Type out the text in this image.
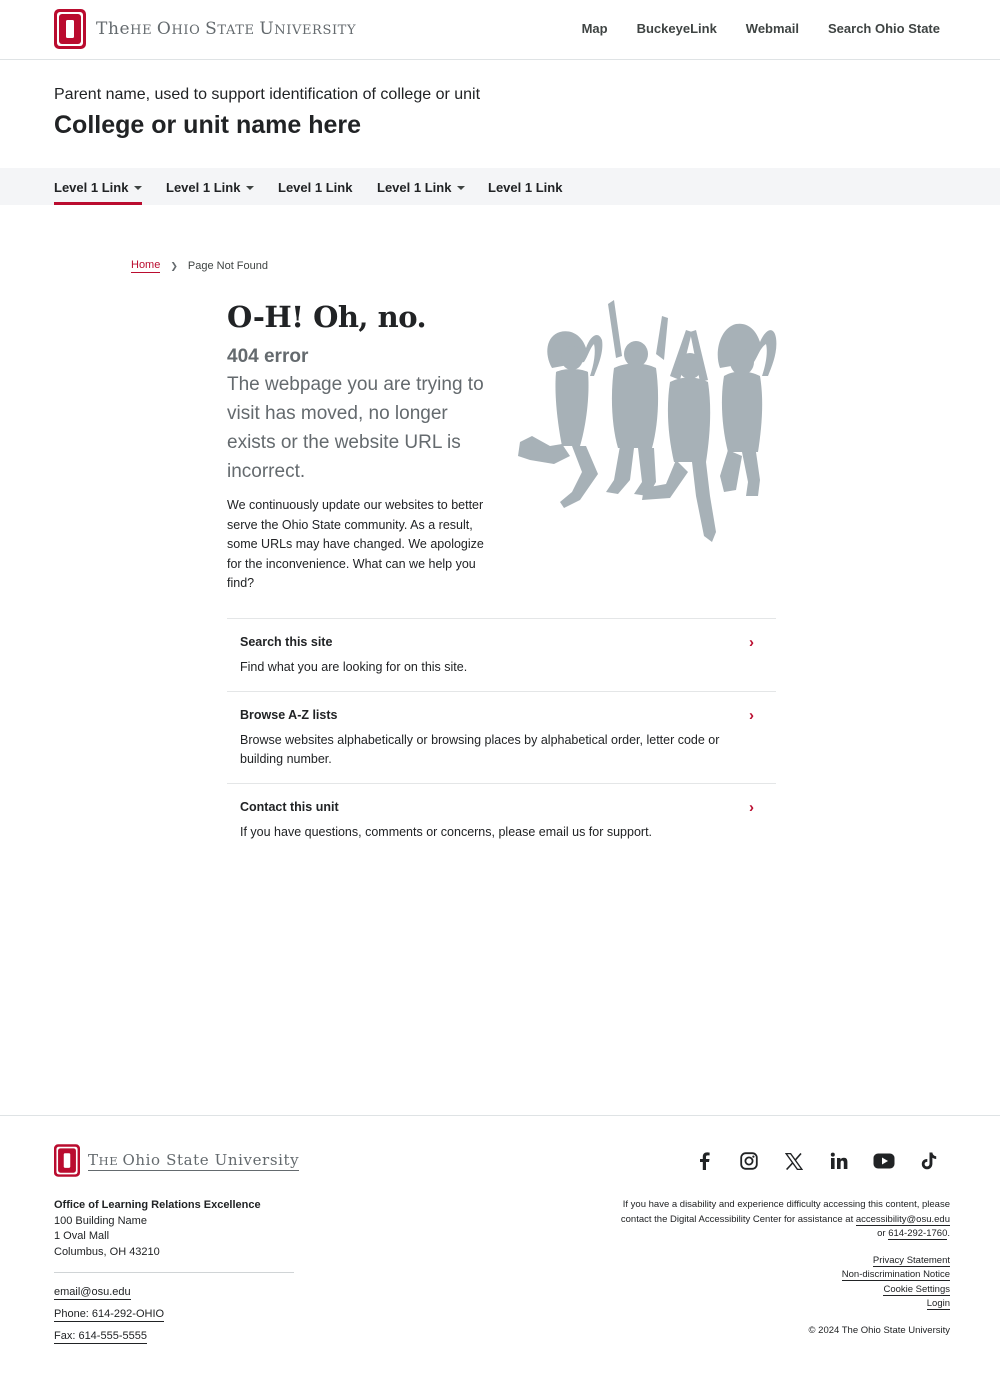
TheHE OHIO STATE UNIVERSITY	Map BuckeyeLink Webmail Search Ohio State
Parent name, used to support identification of college or unit
College or unit name here
Level 1 Link	Level 1 Link	Level 1 Link Level 1 Link	Level 1 Link
Home ❯ Page Not Found
O-H! Oh, no.
404 error
The webpage you are trying to visit has moved, no longer exists or the website URL is incorrect.

We continuously update our websites to better serve the Ohio State community. As a result, some URLs may have changed. We apologize for the inconvenience. What can we help you find?

Search this site
Find what you are looking for on this site.
›
Browse A-Z lists
Browse websites alphabetically or browsing places by alphabetical order, letter code or building number.
›
Contact this unit
If you have questions, comments or concerns, please email us for support.
›
THE Ohio State University
Office of Learning Relations Excellence
100 Building Name
1 Oval Mall
Columbus, OH 43210
email@osu.edu
Phone: 614-292-OHIO
Fax: 614-555-5555
If you have a disability and experience difficulty accessing this content, please contact the Digital Accessibility Center for assistance at accessibility@osu.edu or 614-292-1760.
Privacy Statement
Non-discrimination Notice
Cookie Settings
Login
© 2024 The Ohio State University
